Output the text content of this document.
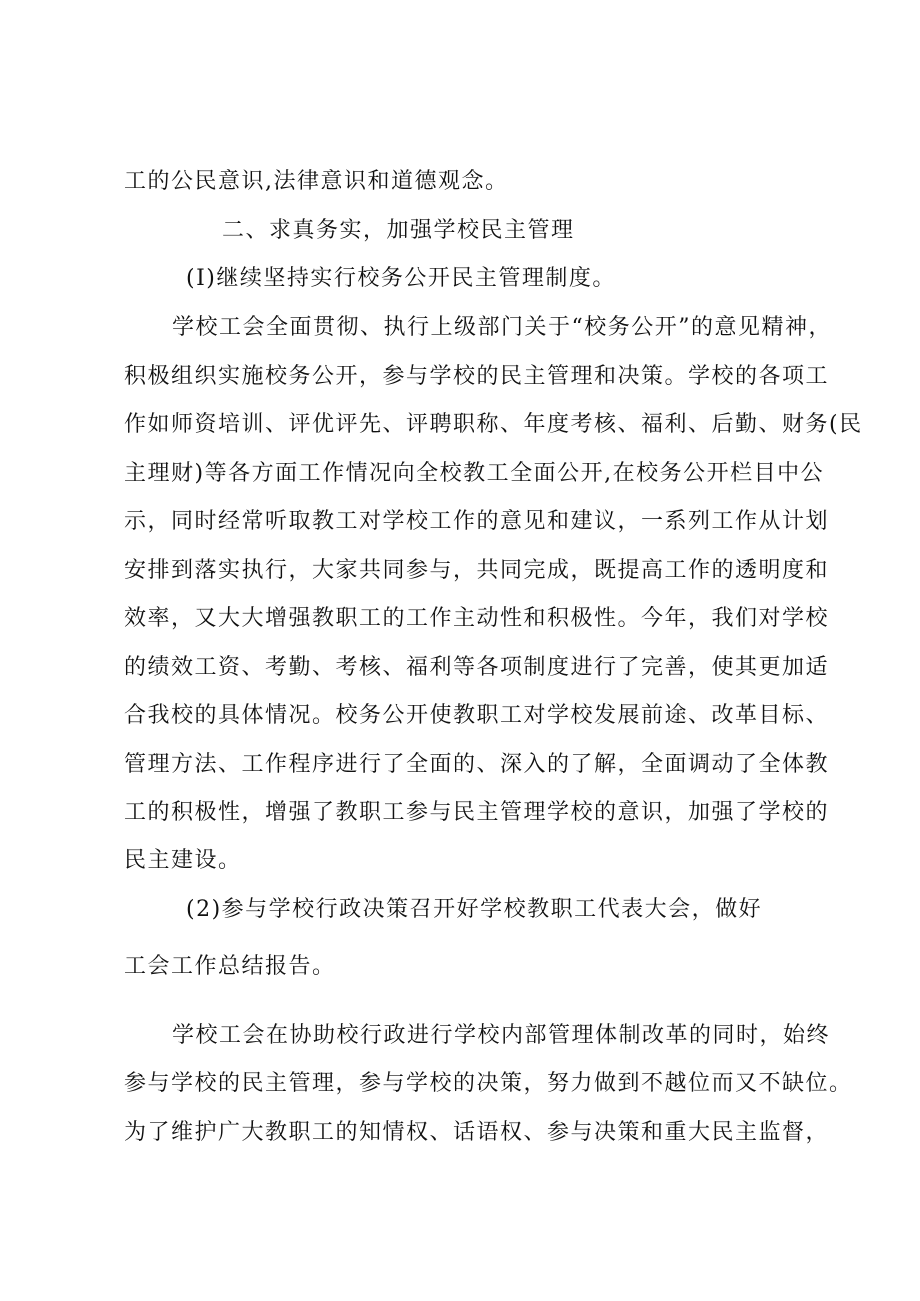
工的公民意识,法律意识和道德观念。

二、求真务实，加强学校民主管理

(I)继续坚持实行校务公开民主管理制度。

学校工会全面贯彻、执行上级部门关于“校务公开”的意见精神，

积极组织实施校务公开，参与学校的民主管理和决策。学校的各项工

作如师资培训、评优评先、评聘职称、年度考核、福利、后勤、财务(民

主理财)等各方面工作情况向全校教工全面公开,在校务公开栏目中公

示，同时经常听取教工对学校工作的意见和建议，一系列工作从计划

安排到落实执行，大家共同参与，共同完成，既提高工作的透明度和

效率，又大大增强教职工的工作主动性和积极性。今年，我们对学校

的绩效工资、考勤、考核、福利等各项制度进行了完善，使其更加适

合我校的具体情况。校务公开使教职工对学校发展前途、改革目标、

管理方法、工作程序进行了全面的、深入的了解，全面调动了全体教

工的积极性，增强了教职工参与民主管理学校的意识，加强了学校的

民主建设。

(2)参与学校行政决策召开好学校教职工代表大会，做好

工会工作总结报告。

学校工会在协助校行政进行学校内部管理体制改革的同时，始终

参与学校的民主管理，参与学校的决策，努力做到不越位而又不缺位。

为了维护广大教职工的知情权、话语权、参与决策和重大民主监督，
